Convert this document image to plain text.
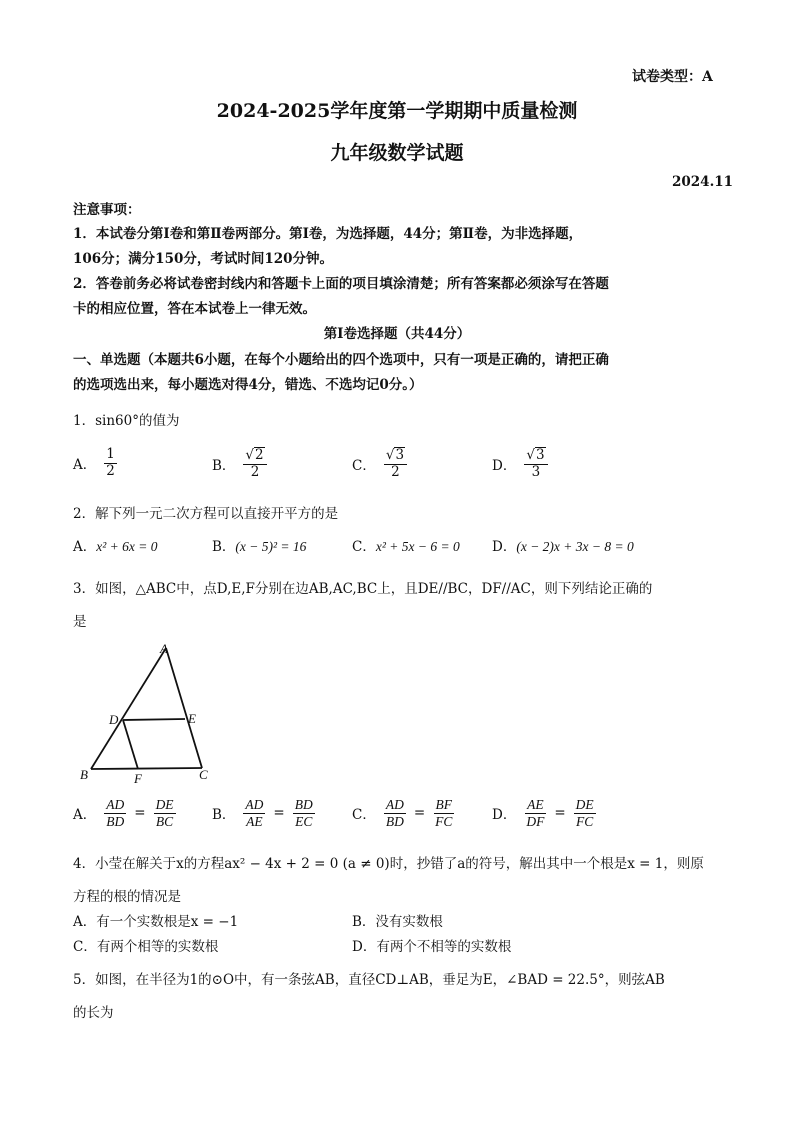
试卷类型：A
2024-2025学年度第一学期期中质量检测
九年级数学试题
2024.11
注意事项：
1．本试卷分第Ⅰ卷和第Ⅱ卷两部分。第Ⅰ卷，为选择题，44分；第Ⅱ卷，为非选择题，
106分；满分150分，考试时间120分钟。
2．答卷前务必将试卷密封线内和答题卡上面的项目填涂清楚；所有答案都必须涂写在答题
卡的相应位置，答在本试卷上一律无效。
第Ⅰ卷选择题（共44分）
一、单选题（本题共6小题，在每个小题给出的四个选项中，只有一项是正确的，请把正确
的选项选出来，每小题选对得4分，错选、不选均记0分。）
1．sin60°的值为
A． $\frac{1}{2}$	B． $\frac{√ 2}{2}$	C． $\frac{√ 3}{2}$	D． $\frac{√ 3}{3}$
2．解下列一元二次方程可以直接开平方的是
A．x² + 6x = 0	B．(x − 5)² = 16	C．x² + 5x − 6 = 0 D．(x − 2)x + 3x − 8 = 0
3．如图，△ABC中，点D,E,F分别在边AB,AC,BC上，且DE//BC，DF//AC，则下列结论正确的
是
A
B	C
D	E
F
A． $\frac{AD}{BD} = \frac{DE}{BC}$	B． $\frac{AD}{AE} = \frac{BD}{EC}$	C． $\frac{AD}{BD} = \frac{BF}{FC}$	D． $\frac{AE}{DF} = \frac{DE}{FC}$
4．小莹在解关于x的方程ax² − 4x + 2 = 0 (a ≠ 0)时，抄错了a的符号，解出其中一个根是x = 1，则原
方程的根的情况是
A．有一个实数根是x = −1	B．没有实数根
C．有两个相等的实数根	D．有两个不相等的实数根
5．如图，在半径为1的⊙O中，有一条弦AB，直径CD⊥AB，垂足为E，∠BAD = 22.5°，则弦AB
的长为
